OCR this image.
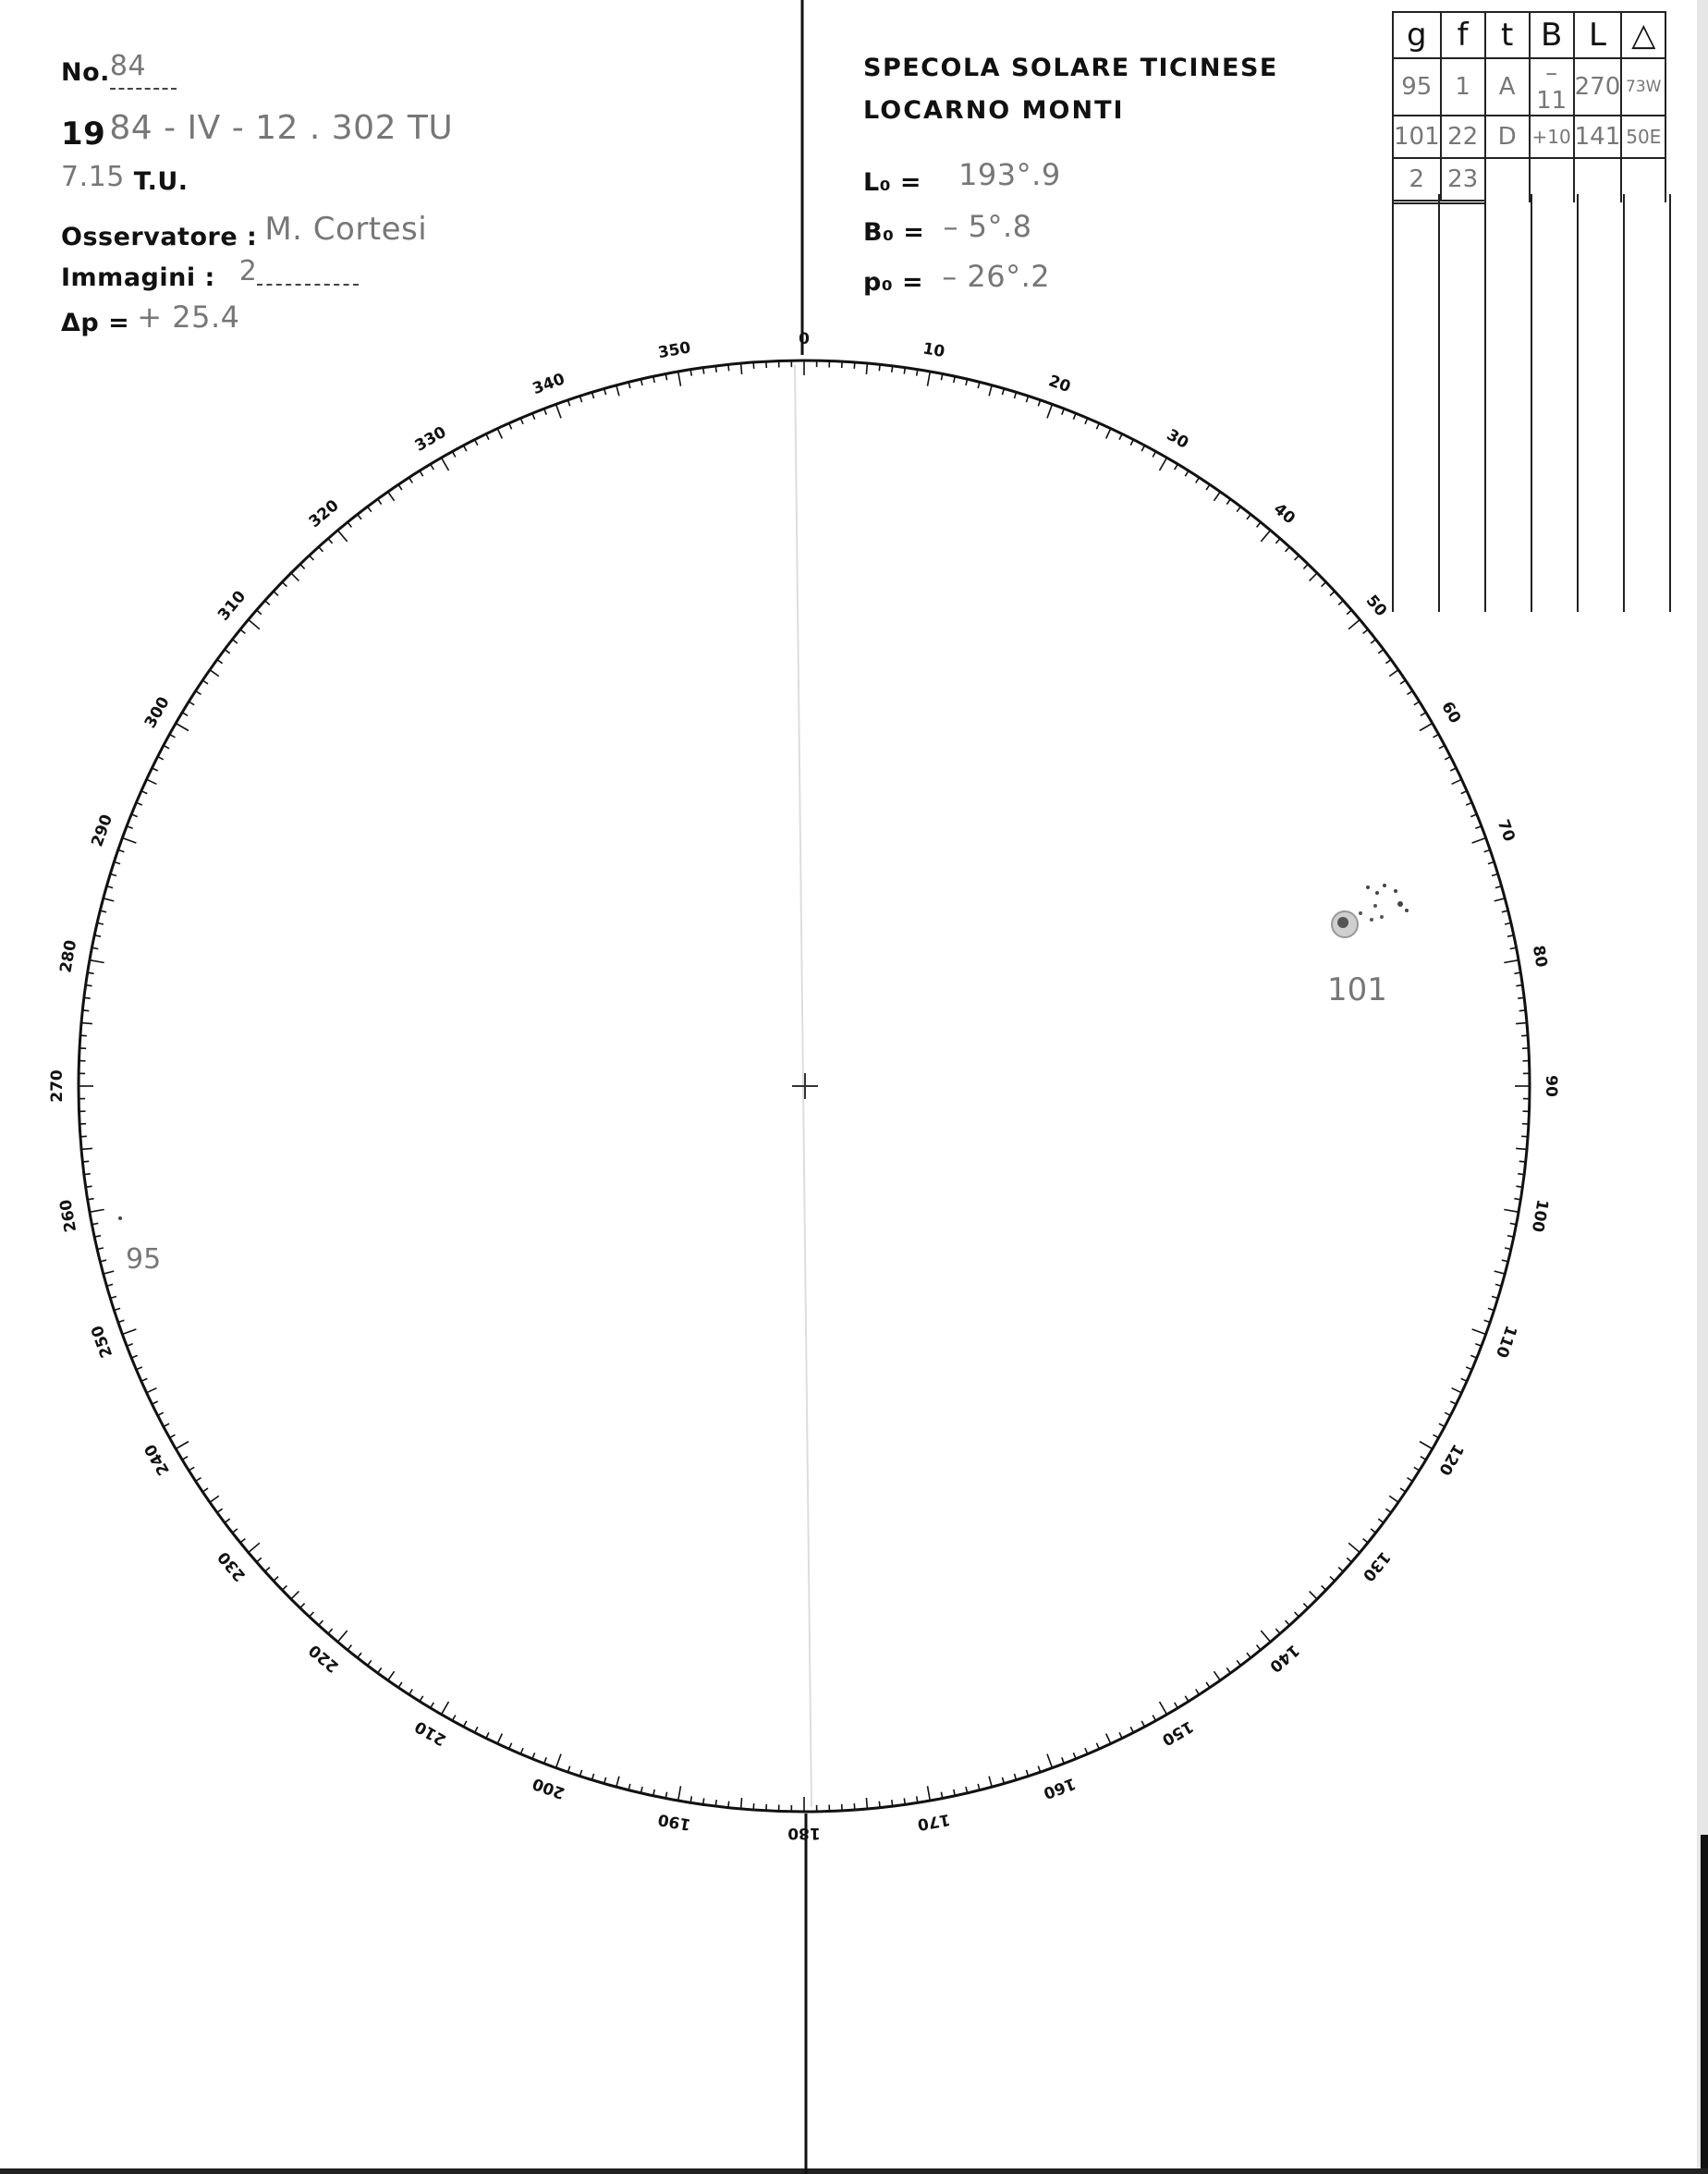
No.84
19 84 - IV - 12 . 302 TU
7.15 T.U.
Osservatore : M. Cortesi
Immagini : 2
Δp = + 25.4
SPECOLA SOLARE TICINESE
LOCARNO MONTI
L₀ = 193°.9
B₀ = – 5°.8
p₀ = – 26°.2
g	f	t	B	L	△
95	1	A	–11	270	73W
101	22	D	+10	141	50E
2	23				
0
10
20
30
40
50
60
70
80
90
100
110
120
130
140
150
160
170
180
190
200
210
220
230
240
250
260
270
280
290
300
310
320
330
340
350
101
95
